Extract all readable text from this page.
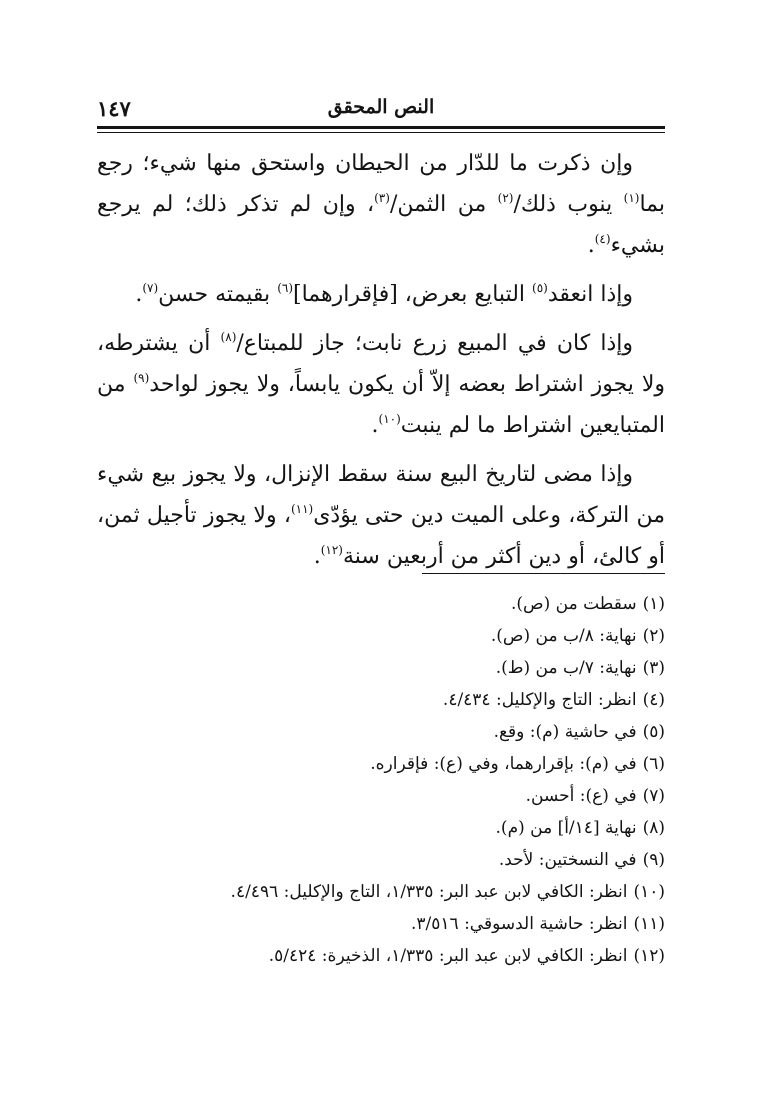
النص المحقق
١٤٧

وإن ذكرت ما للدّار من الحيطان واستحق منها شيء؛ رجع بما$^{(١)}$ ينوب ذلك/$^{(٢)}$ من الثمن/$^{(٣)}$، وإن لم تذكر ذلك؛ لم يرجع بشيء$^{(٤)}$.

وإذا انعقد$^{(٥)}$ التبايع بعرض، [فإقرارهما]$^{(٦)}$ بقيمته حسن$^{(٧)}$.

وإذا كان في المبيع زرع نابت؛ جاز للمبتاع/$^{(٨)}$ أن يشترطه، ولا يجوز اشتراط بعضه إلاّ أن يكون يابساً، ولا يجوز لواحد$^{(٩)}$ من المتبايعين اشتراط ما لم ينبت$^{(١٠)}$.

وإذا مضى لتاريخ البيع سنة سقط الإنزال، ولا يجوز بيع شيء من التركة، وعلى الميت دين حتى يؤدّى$^{(١١)}$، ولا يجوز تأجيل ثمن، أو كالئ، أو دين أكثر من أربعين سنة$^{(١٢)}$.

(١)سقطت من (ص).
(٢)نهاية: ٨/ب من (ص).
(٣)نهاية: ٧/ب من (ط).
(٤)انظر: التاج والإكليل: ٤/٤٣٤.
(٥)في حاشية (م): وقع.
(٦)في (م): بإقرارهما، وفي (ع): فإقراره.
(٧)في (ع): أحسن.
(٨)نهاية [١٤/أ] من (م).
(٩)في النسختين: لأحد.
(١٠)انظر: الكافي لابن عبد البر: ١/٣٣٥، التاج والإكليل: ٤/٤٩٦.
(١١)انظر: حاشية الدسوقي: ٣/٥١٦.
(١٢)انظر: الكافي لابن عبد البر: ١/٣٣٥، الذخيرة: ٥/٤٢٤.
